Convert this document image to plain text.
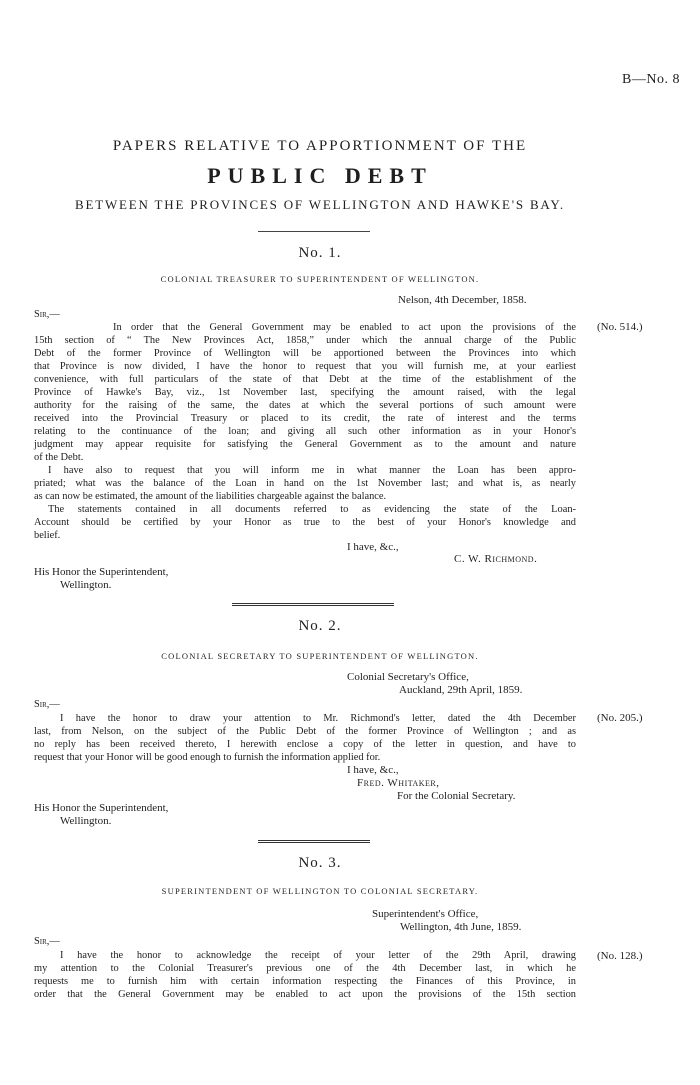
B—No. 8
PAPERS RELATIVE TO APPORTIONMENT OF THE
PUBLIC DEBT
BETWEEN THE PROVINCES OF WELLINGTON AND HAWKE'S BAY.
No. 1.
COLONIAL TREASURER TO SUPERINTENDENT OF WELLINGTON.
Nelson, 4th December, 1858.
Sir,—
(No. 514.)
In order that the General Government may be enabled to act upon the provisions of the
15th section of “ The New Provinces Act, 1858,” under which the annual charge of the Public
Debt of the former Province of Wellington will be apportioned between the Provinces into which
that Province is now divided, I have the honor to request that you will furnish me, at your earliest
convenience, with full particulars of the state of that Debt at the time of the establishment of the
Province of Hawke's Bay, viz., 1st November last, specifying the amount raised, with the legal
authority for the raising of the same, the dates at which the several portions of such amount were
received into the Provincial Treasury or placed to its credit, the rate of interest and the terms
relating to the continuance of the loan; and giving all such other information as in your Honor's
judgment may appear requisite for satisfying the General Government as to the amount and nature
of the Debt.
I have also to request that you will inform me in what manner the Loan has been appro-
priated; what was the balance of the Loan in hand on the 1st November last; and what is, as nearly
as can now be estimated, the amount of the liabilities chargeable against the balance.
The statements contained in all documents referred to as evidencing the state of the Loan-
Account should be certified by your Honor as true to the best of your Honor's knowledge and
belief.
I have, &c.,
C. W. Richmond.
His Honor the Superintendent,
Wellington.
No. 2.
COLONIAL SECRETARY TO SUPERINTENDENT OF WELLINGTON.
Colonial Secretary's Office,
Auckland, 29th April, 1859.
Sir,—
(No. 205.)
I have the honor to draw your attention to Mr. Richmond's letter, dated the 4th December
last, from Nelson, on the subject of the Public Debt of the former Province of Wellington ; and as
no reply has been received thereto, I herewith enclose a copy of the letter in question, and have to
request that your Honor will be good enough to furnish the information applied for.
I have, &c.,
Fred. Whitaker,
For the Colonial Secretary.
His Honor the Superintendent,
Wellington.
No. 3.
SUPERINTENDENT OF WELLINGTON TO COLONIAL SECRETARY.
Superintendent's Office,
Wellington, 4th June, 1859.
Sir,—
(No. 128.)
I have the honor to acknowledge the receipt of your letter of the 29th April, drawing
my attention to the Colonial Treasurer's previous one of the 4th December last, in which he
requests me to furnish him with certain information respecting the Finances of this Province, in
order that the General Government may be enabled to act upon the provisions of the 15th section
